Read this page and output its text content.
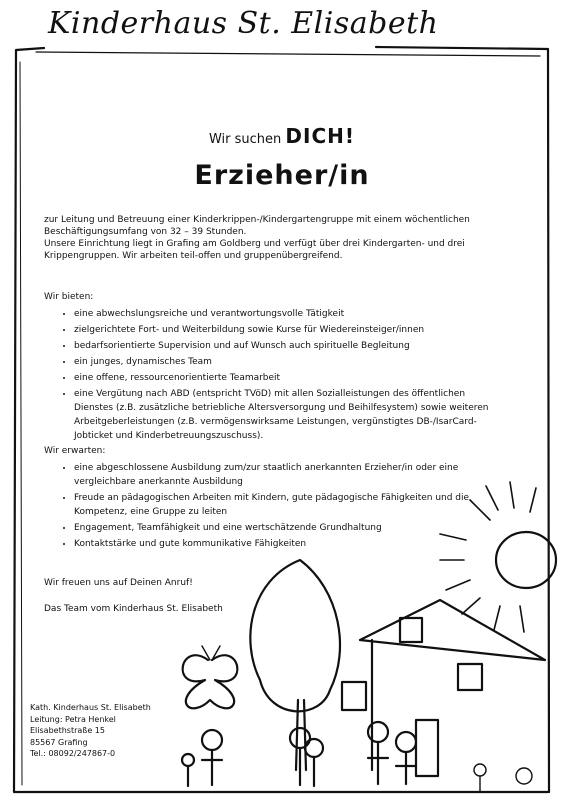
Kinderhaus St. Elisabeth
Wir suchen DICH!
Erzieher/in

zur Leitung und Betreuung einer Kinderkrippen-/Kindergartengruppe mit einem wöchentlichen Beschäftigungsumfang von 32 – 39 Stunden.

Unsere Einrichtung liegt in Grafing am Goldberg und verfügt über drei Kindergarten- und drei Krippengruppen. Wir arbeiten teil-offen und gruppenübergreifend.

Wir bieten:
• eine abwechslungsreiche und verantwortungsvolle Tätigkeit
• zielgerichtete Fort- und Weiterbildung sowie Kurse für Wiedereinsteiger/innen
• bedarfsorientierte Supervision und auf Wunsch auch spirituelle Begleitung
• ein junges, dynamisches Team
• eine offene, ressourcenorientierte Teamarbeit
• eine Vergütung nach ABD (entspricht TVöD) mit allen Sozialleistungen des öffentlichen Dienstes (z.B. zusätzliche betriebliche Altersversorgung und Beihilfesystem) sowie weiteren Arbeitgeberleistungen (z.B. vermögenswirksame Leistungen, vergünstigtes DB-/IsarCard-Jobticket und Kinderbetreuungszuschuss).
Wir erwarten:
• eine abgeschlossene Ausbildung zum/zur staatlich anerkannten Erzieher/in oder eine vergleichbare anerkannte Ausbildung
• Freude an pädagogischen Arbeiten mit Kindern, gute pädagogische Fähigkeiten und die Kompetenz, eine Gruppe zu leiten
• Engagement, Teamfähigkeit und eine wertschätzende Grundhaltung
• Kontaktstärke und gute kommunikative Fähigkeiten
Wir freuen uns auf Deinen Anruf!
Das Team vom Kinderhaus St. Elisabeth
Kath. Kinderhaus St. Elisabeth
Leitung: Petra Henkel
Elisabethstraße 15
85567 Grafing
Tel.: 08092/247867-0
